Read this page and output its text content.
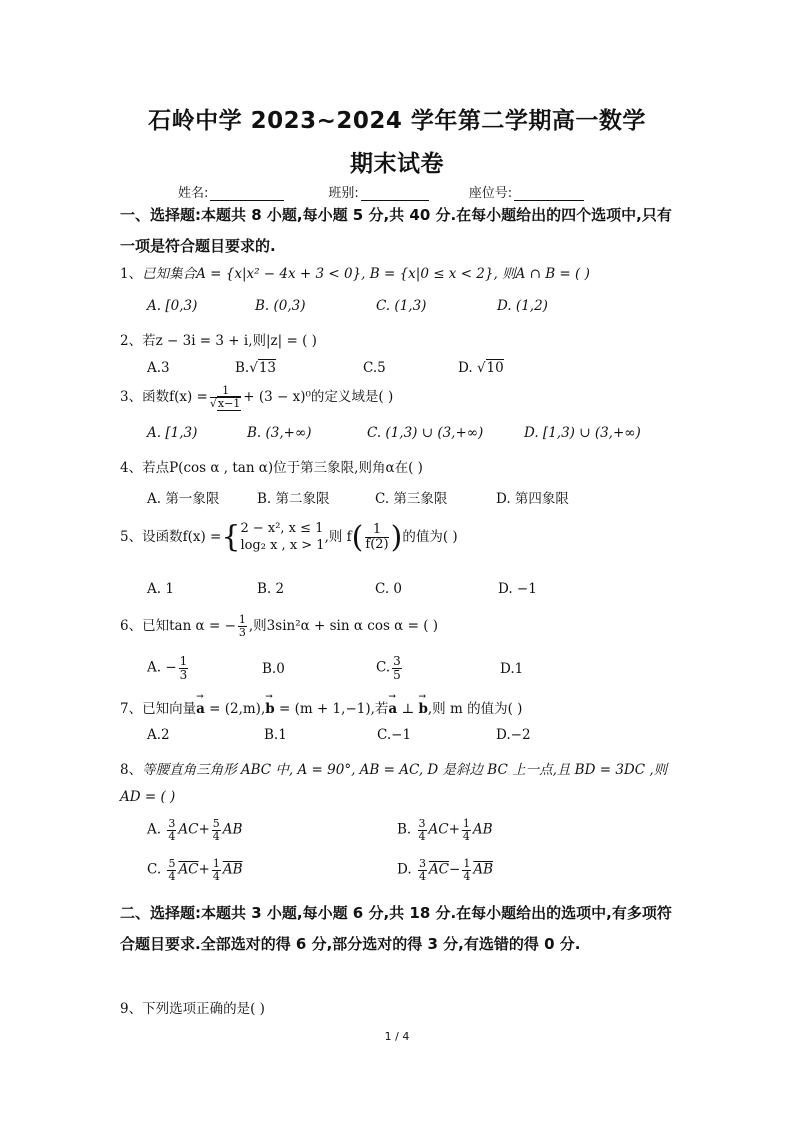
石岭中学 2023~2024 学年第二学期高一数学
期末试卷
姓名:	班别:	座位号:
一、选择题:本题共 8 小题,每小题 5 分,共 40 分.在每小题给出的四个选项中,只有一项是符合题目要求的.
1、已知集合A = {x|x² − 4x + 3 < 0}, B = {x|0 ≤ x < 2}, 则A ∩ B = ( )
A. [0,3)	B. (0,3)	C. (1,3)	D. (1,2)
2、若z − 3i = 3 + i,则|z| = ( )
A.3	B.√13	C.5	D. √10
3、函数$f(x) = \frac{1}{√x-1} + (3 - x)^0$的定义域是( )
A. [1,3)	B. (3,+∞)	C. (1,3) ∪ (3,+∞)	D. [1,3) ∪ (3,+∞)
4、若点P(cos α , tan α)位于第三象限,则角α在( )
A. 第一象限	B. 第二象限	C. 第三象限	D. 第四象限
5、设函数f(x) ={ 2 − x², x ≤ 1
log₂ x , x > 1 ,则 $f( \frac{1}{f(2)}$ )的值为( )
A. 1	B. 2	C. 0	D. −1
6、已知tan α = − $\frac{1}{3}$ ,则3sin²α + sin α cos α = ( )
A. − $\frac{1}{3}$	B.0	C. $\frac{3}{5}$	D.1
7、已知向量→ a = (2,m),→ b = (m + 1,−1),若→ a ⊥ → b,则 m 的值为( )
A.2	B.1	C.−1	D.−2
8、等腰直角三角形 ABC 中, A = 90°, AB = AC, D 是斜边 BC 上一点,且 BD = 3DC ,则
AD = ( )
A. $\frac{3}{4} AC+ \frac{5}{4}$ AB	B. $\frac{3}{4} AC+ \frac{1}{4}$ AB
C. $\frac{5}{4} \overline{AC}+ \frac{1}{4} \overline{AB}$	D. $\frac{3}{4} \overline{AC}- \frac{1}{4} \overline{AB}$
二、选择题:本题共 3 小题,每小题 6 分,共 18 分.在每小题给出的选项中,有多项符合题目要求.全部选对的得 6 分,部分选对的得 3 分,有选错的得 0 分.
9、下列选项正确的是( )
1 / 4
